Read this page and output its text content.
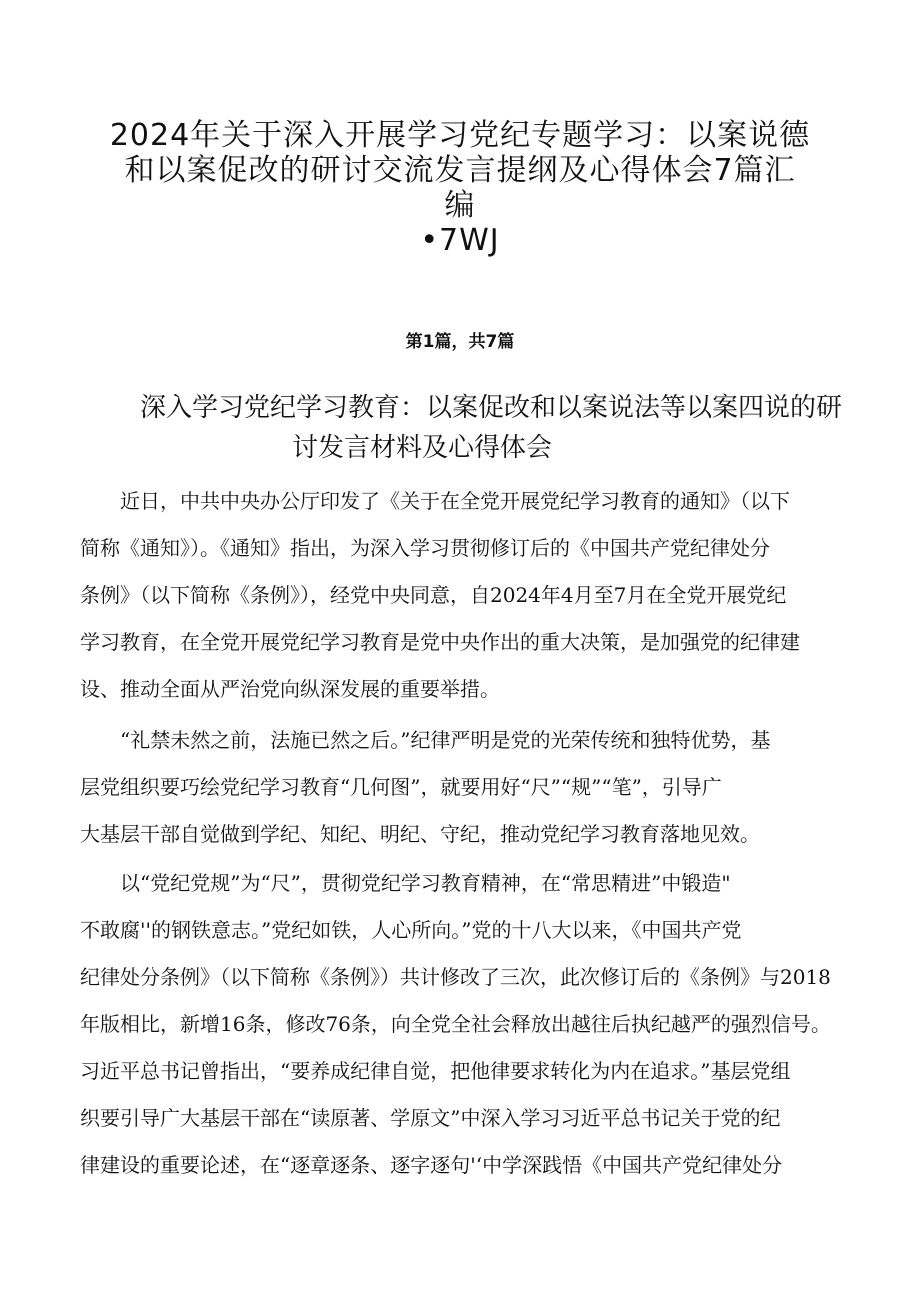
2024年关于深入开展学习党纪专题学习：以案说德
和以案促改的研讨交流发言提纲及心得体会7篇汇
编
•7WJ
第1篇，共7篇
深入学习党纪学习教育：以案促改和以案说法等以案四说的研
讨发言材料及心得体会

　　近日，中共中央办公厅印发了《关于在全党开展党纪学习教育的通知》（以下
简称《通知》）。《通知》指出，为深入学习贯彻修订后的《中国共产党纪律处分
条例》（以下简称《条例》），经党中央同意，自2024年4月至7月在全党开展党纪
学习教育，在全党开展党纪学习教育是党中央作出的重大决策，是加强党的纪律建
设、推动全面从严治党向纵深发展的重要举措。

　　“礼禁未然之前，法施已然之后。”纪律严明是党的光荣传统和独特优势，基
层党组织要巧绘党纪学习教育“几何图”，就要用好“尺”“规”“笔”，引导广
大基层干部自觉做到学纪、知纪、明纪、守纪，推动党纪学习教育落地见效。

　　以“党纪党规”为“尺”，贯彻党纪学习教育精神，在“常思精进”中锻造"
不敢腐''的钢铁意志。”党纪如铁，人心所向。”党的十八大以来，《中国共产党
纪律处分条例》（以下简称《条例》）共计修改了三次，此次修订后的《条例》与2018
年版相比，新增16条，修改76条，向全党全社会释放出越往后执纪越严的强烈信号。
习近平总书记曾指出，“要养成纪律自觉，把他律要求转化为内在追求。”基层党组
织要引导广大基层干部在“读原著、学原文”中深入学习习近平总书记关于党的纪
律建设的重要论述，在“逐章逐条、逐字逐句'‘中学深践悟《中国共产党纪律处分
